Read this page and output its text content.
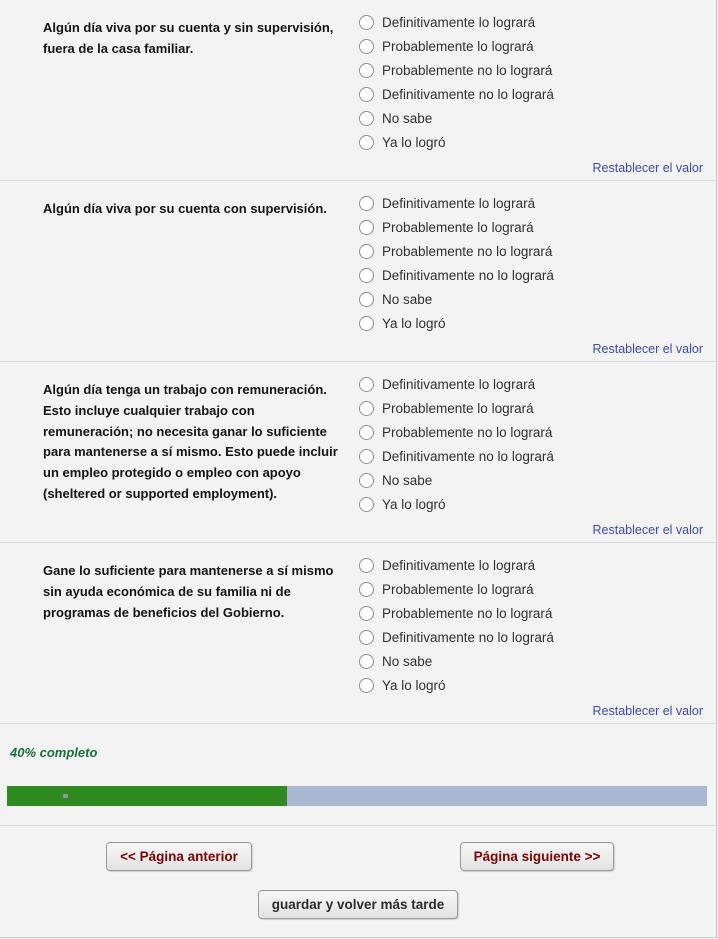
Algún día viva por su cuenta y sin supervisión, fuera de la casa familiar.
Definitivamente lo logrará
Probablemente lo logrará
Probablemente no lo logrará
Definitivamente no lo logrará
No sabe
Ya lo logró
Restablecer el valor
Algún día viva por su cuenta con supervisión.	Definitivamente lo logrará
Probablemente lo logrará
Probablemente no lo logrará
Definitivamente no lo logrará
No sabe
Ya lo logró
Restablecer el valor
Algún día tenga un trabajo con remuneración. Esto incluye cualquier trabajo con remuneración; no necesita ganar lo suficiente para mantenerse a sí mismo. Esto puede incluir un empleo protegido o empleo con apoyo (sheltered or supported employment).
Definitivamente lo logrará
Probablemente lo logrará
Probablemente no lo logrará
Definitivamente no lo logrará
No sabe
Ya lo logró
Restablecer el valor
Gane lo suficiente para mantenerse a sí mismo sin ayuda económica de su familia ni de programas de beneficios del Gobierno.
Definitivamente lo logrará
Probablemente lo logrará
Probablemente no lo logrará
Definitivamente no lo logrará
No sabe
Ya lo logró
Restablecer el valor
40% completo
<< Página anterior	Página siguiente >>
guardar y volver más tarde
